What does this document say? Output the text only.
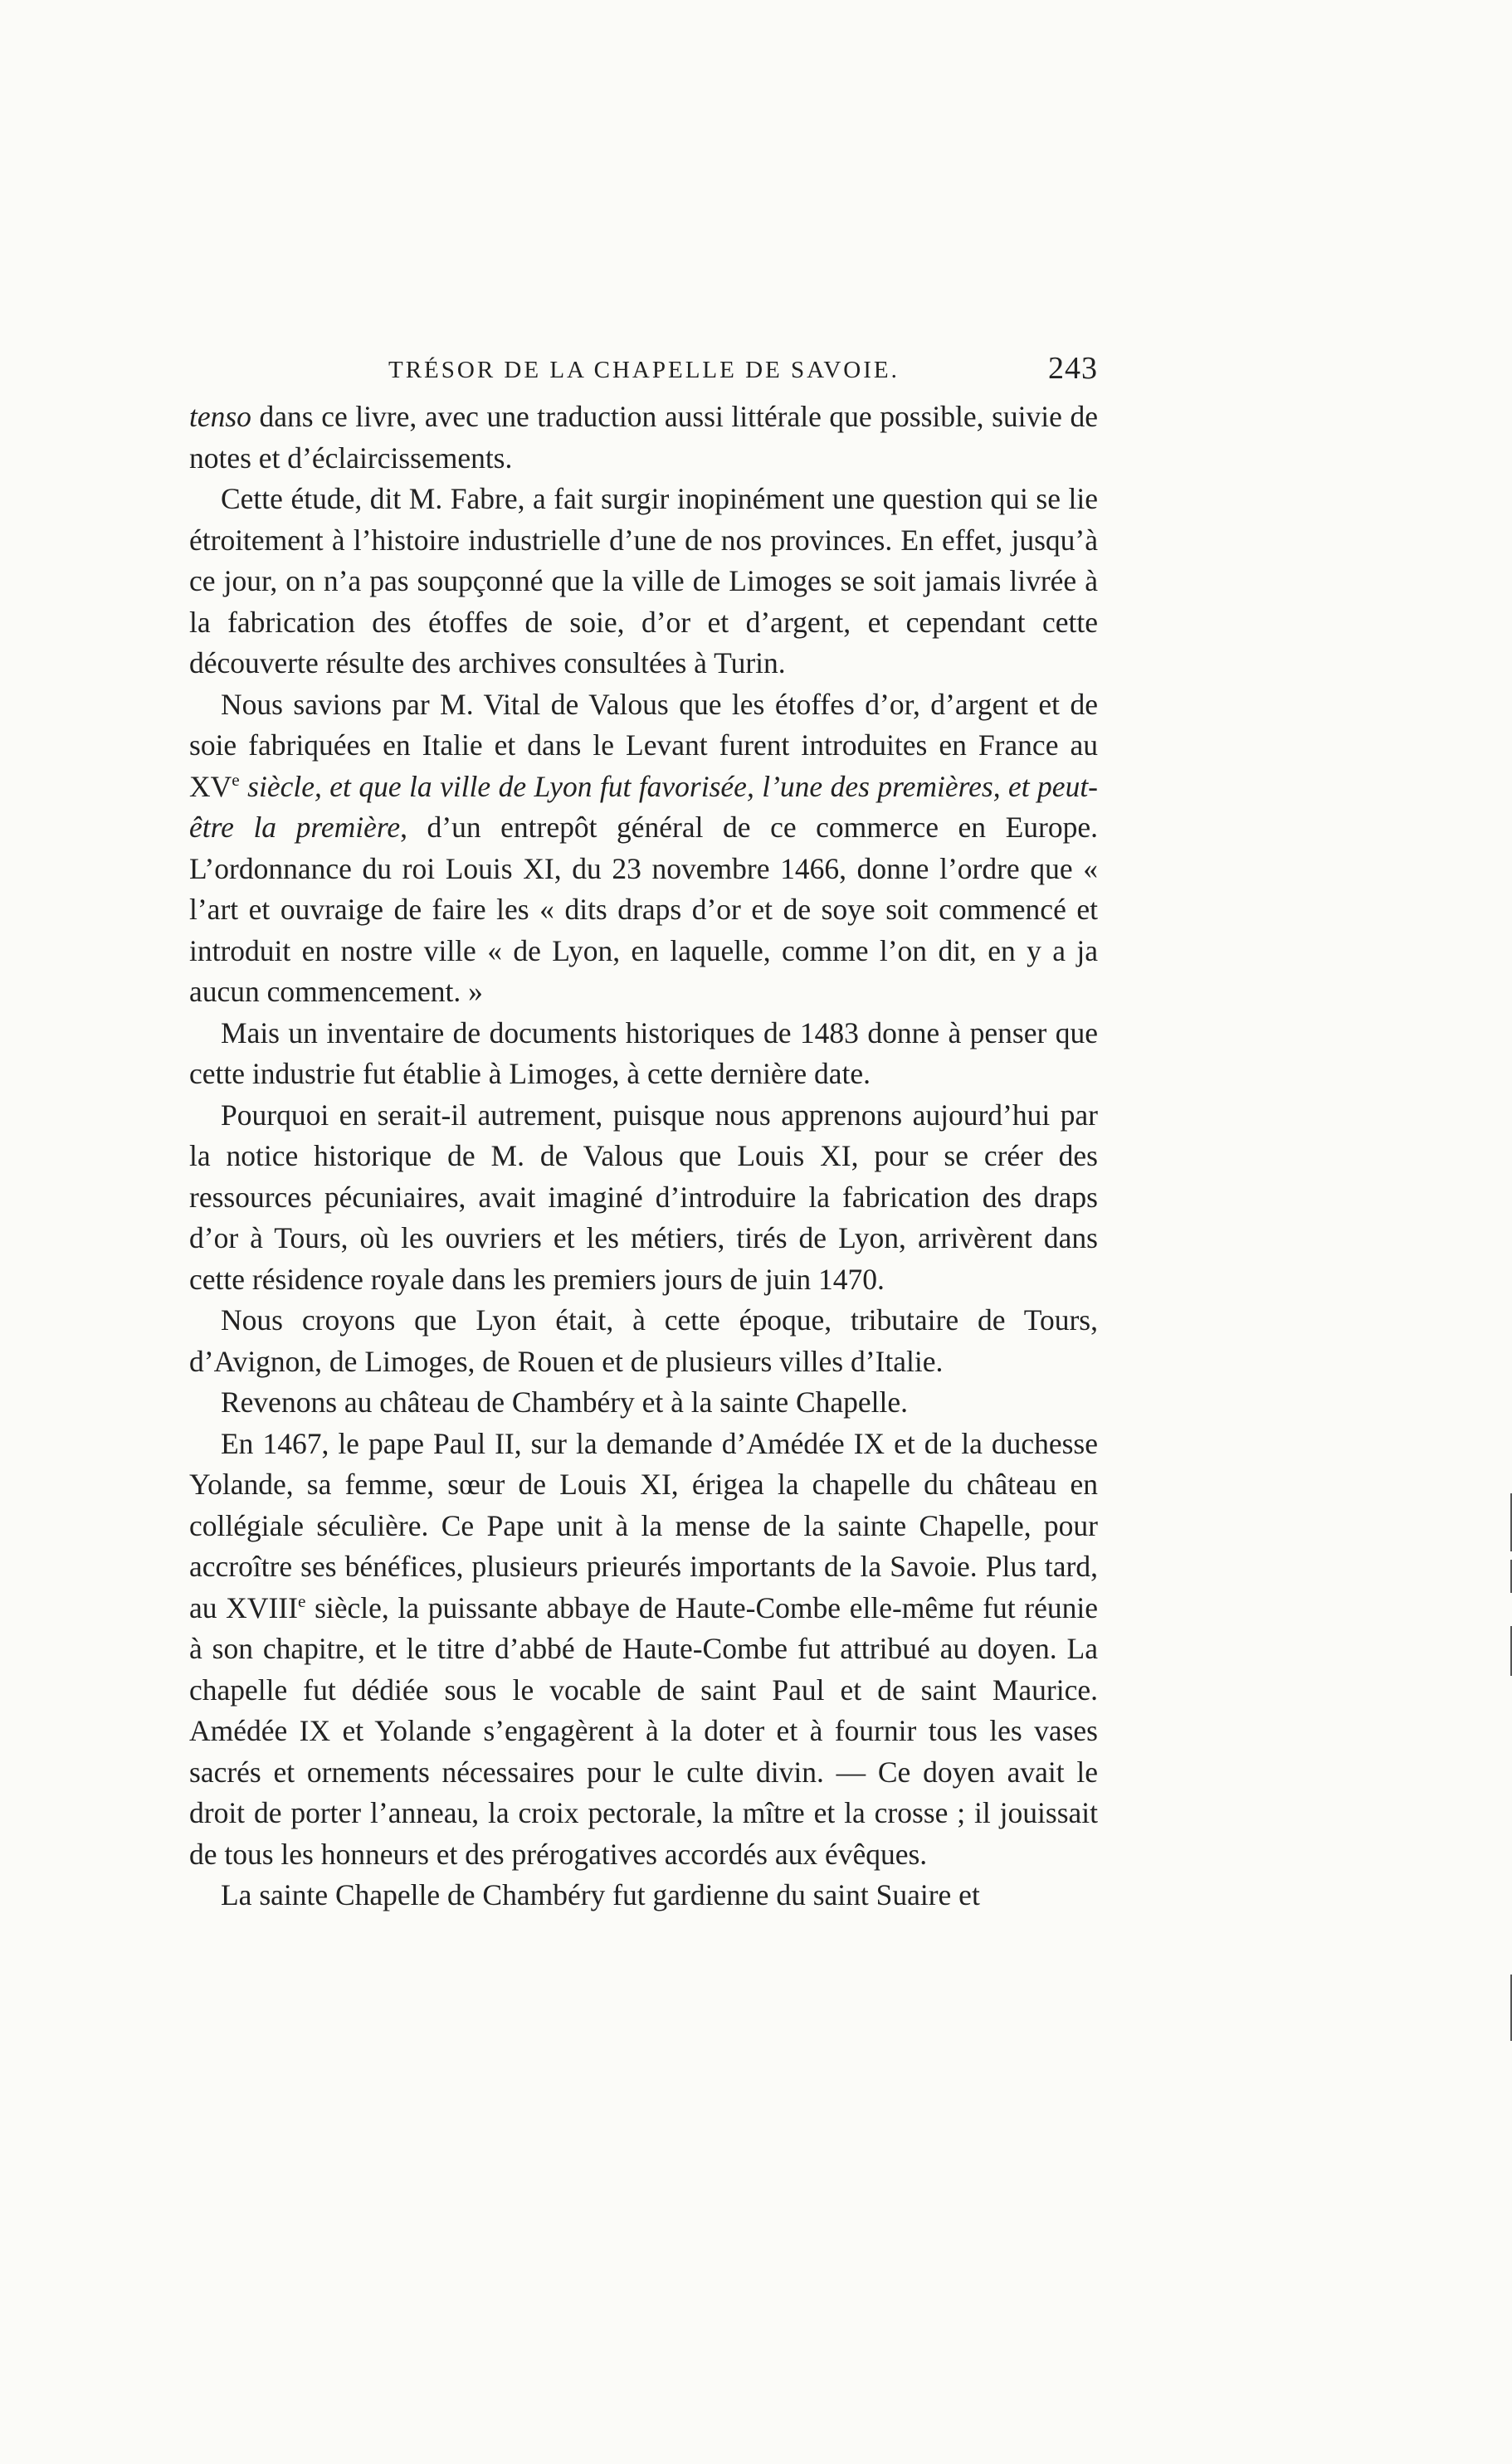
TRÉSOR DE LA CHAPELLE DE SAVOIE.	243

tenso dans ce livre, avec une traduction aussi littérale que possible, suivie de notes et d’éclaircissements.

Cette étude, dit M. Fabre, a fait surgir inopinément une question qui se lie étroitement à l’histoire industrielle d’une de nos provinces. En effet, jusqu’à ce jour, on n’a pas soupçonné que la ville de Limoges se soit jamais livrée à la fabrication des étoffes de soie, d’or et d’argent, et cependant cette découverte résulte des archives consultées à Turin.

Nous savions par M. Vital de Valous que les étoffes d’or, d’argent et de soie fabriquées en Italie et dans le Levant furent introduites en France au XVe siècle, et que la ville de Lyon fut favorisée, l’une des premières, et peut-être la première, d’un entrepôt général de ce commerce en Europe. L’ordonnance du roi Louis XI, du 23 novembre 1466, donne l’ordre que « l’art et ouvraige de faire les « dits draps d’or et de soye soit commencé et introduit en nostre ville « de Lyon, en laquelle, comme l’on dit, en y a ja aucun commencement. »

Mais un inventaire de documents historiques de 1483 donne à penser que cette industrie fut établie à Limoges, à cette dernière date.

Pourquoi en serait-il autrement, puisque nous apprenons aujourd’hui par la notice historique de M. de Valous que Louis XI, pour se créer des ressources pécuniaires, avait imaginé d’introduire la fabrication des draps d’or à Tours, où les ouvriers et les métiers, tirés de Lyon, arrivèrent dans cette résidence royale dans les premiers jours de juin 1470.

Nous croyons que Lyon était, à cette époque, tributaire de Tours, d’Avignon, de Limoges, de Rouen et de plusieurs villes d’Italie.

Revenons au château de Chambéry et à la sainte Chapelle.

En 1467, le pape Paul II, sur la demande d’Amédée IX et de la duchesse Yolande, sa femme, sœur de Louis XI, érigea la chapelle du château en collégiale séculière. Ce Pape unit à la mense de la sainte Chapelle, pour accroître ses bénéfices, plusieurs prieurés importants de la Savoie. Plus tard, au XVIIIe siècle, la puissante abbaye de Haute-Combe elle-même fut réunie à son chapitre, et le titre d’abbé de Haute-Combe fut attribué au doyen. La chapelle fut dédiée sous le vocable de saint Paul et de saint Maurice. Amédée IX et Yolande s’engagèrent à la doter et à fournir tous les vases sacrés et ornements nécessaires pour le culte divin. — Ce doyen avait le droit de porter l’anneau, la croix pectorale, la mître et la crosse ; il jouissait de tous les honneurs et des prérogatives accordés aux évêques.

La sainte Chapelle de Chambéry fut gardienne du saint Suaire et
